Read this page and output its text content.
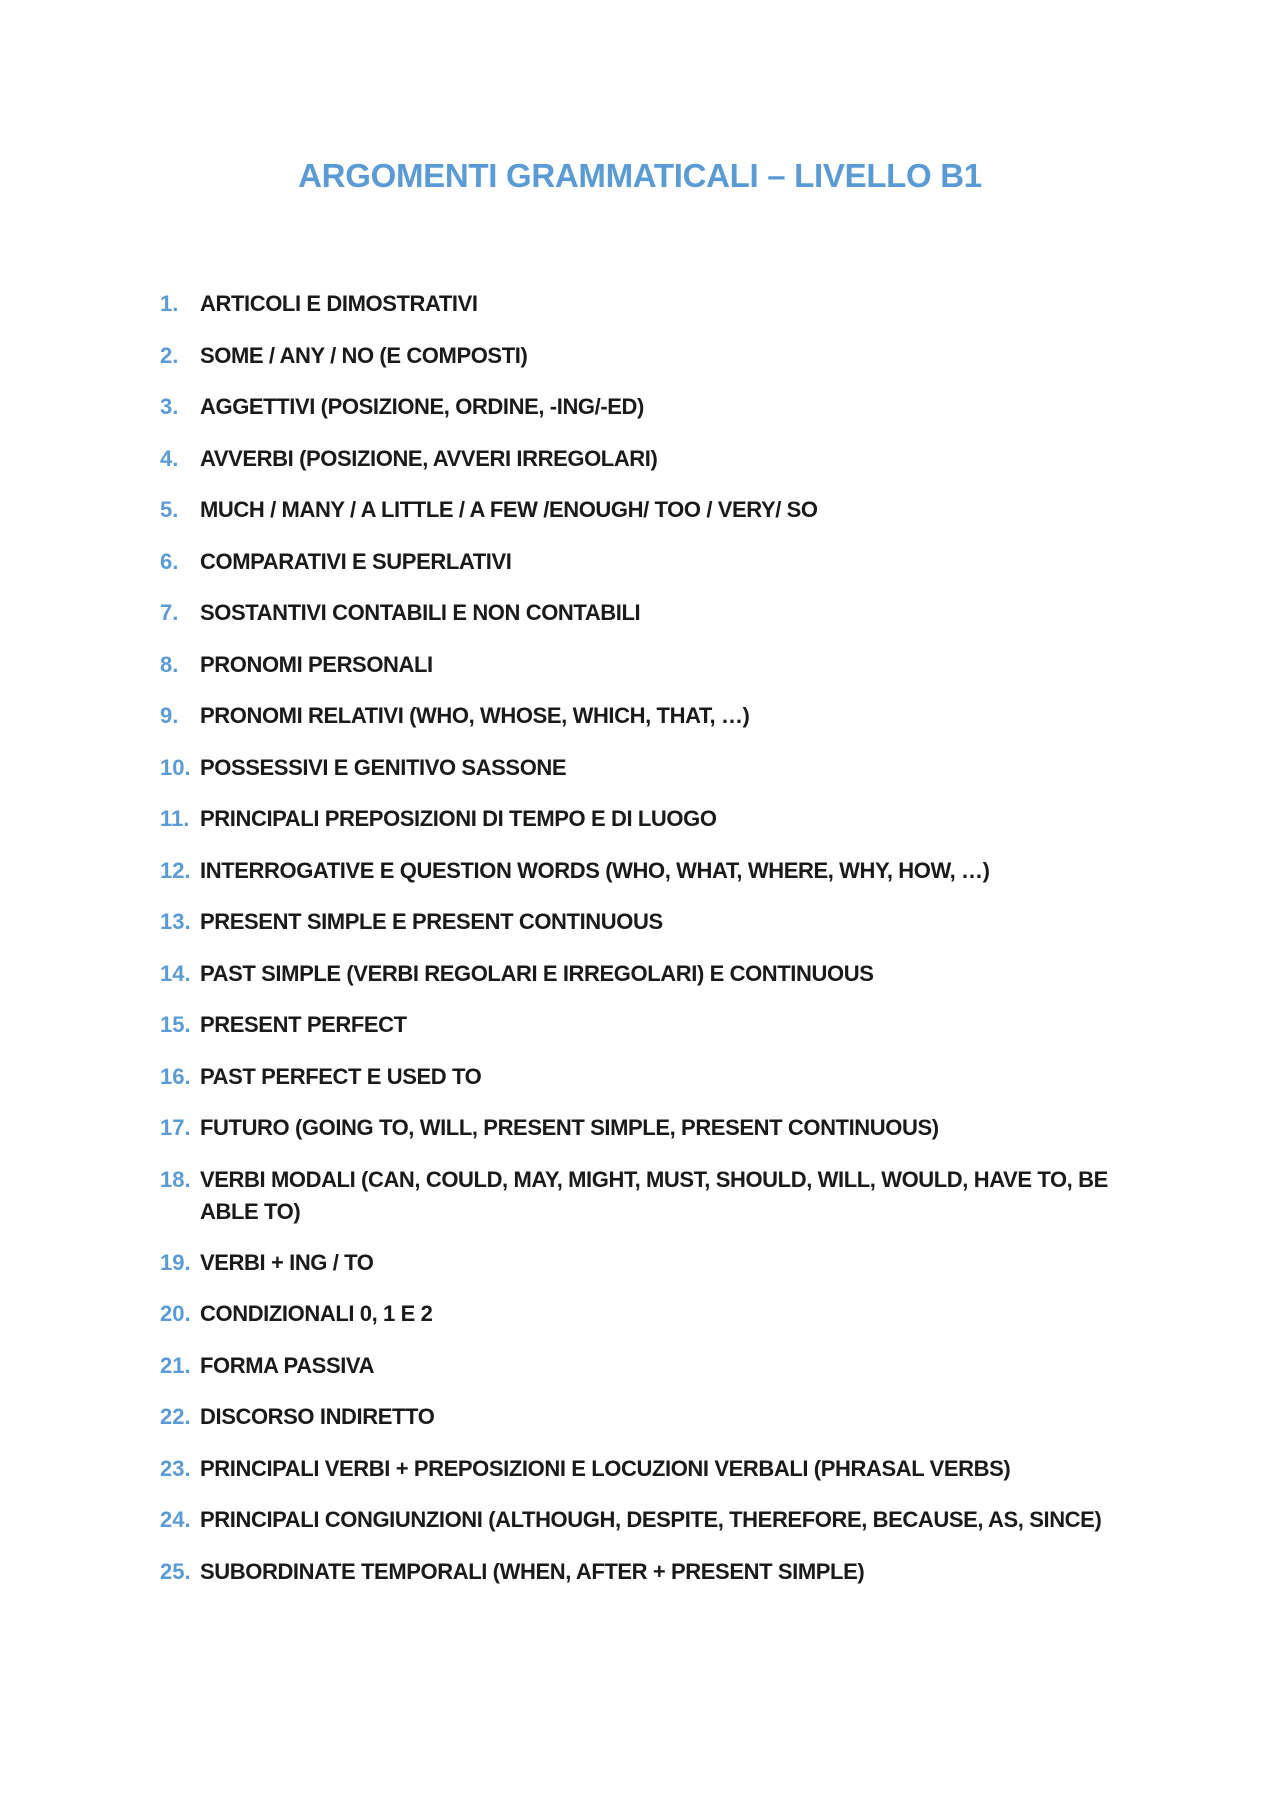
ARGOMENTI GRAMMATICALI – LIVELLO B1
1. ARTICOLI E DIMOSTRATIVI
2. SOME / ANY / NO (E COMPOSTI)
3. AGGETTIVI (POSIZIONE, ORDINE, -ING/-ED)
4. AVVERBI (POSIZIONE, AVVERI IRREGOLARI)
5. MUCH / MANY / A LITTLE / A FEW /ENOUGH/ TOO / VERY/ SO
6. COMPARATIVI E SUPERLATIVI
7. SOSTANTIVI CONTABILI E NON CONTABILI
8. PRONOMI PERSONALI
9. PRONOMI RELATIVI (WHO, WHOSE, WHICH, THAT, …)
10. POSSESSIVI E GENITIVO SASSONE
11. PRINCIPALI PREPOSIZIONI DI TEMPO E DI LUOGO
12. INTERROGATIVE E QUESTION WORDS (WHO, WHAT, WHERE, WHY, HOW, …)
13. PRESENT SIMPLE E PRESENT CONTINUOUS
14. PAST SIMPLE (VERBI REGOLARI E IRREGOLARI) E CONTINUOUS
15. PRESENT PERFECT
16. PAST PERFECT E USED TO
17. FUTURO (GOING TO, WILL, PRESENT SIMPLE, PRESENT CONTINUOUS)
18. VERBI MODALI (CAN, COULD, MAY, MIGHT, MUST, SHOULD, WILL, WOULD, HAVE TO, BE ABLE TO)
19. VERBI + ING / TO
20. CONDIZIONALI 0, 1 E 2
21. FORMA PASSIVA
22. DISCORSO INDIRETTO
23. PRINCIPALI VERBI + PREPOSIZIONI E LOCUZIONI VERBALI (PHRASAL VERBS)
24. PRINCIPALI CONGIUNZIONI (ALTHOUGH, DESPITE, THEREFORE, BECAUSE, AS, SINCE)
25. SUBORDINATE TEMPORALI (WHEN, AFTER + PRESENT SIMPLE)
